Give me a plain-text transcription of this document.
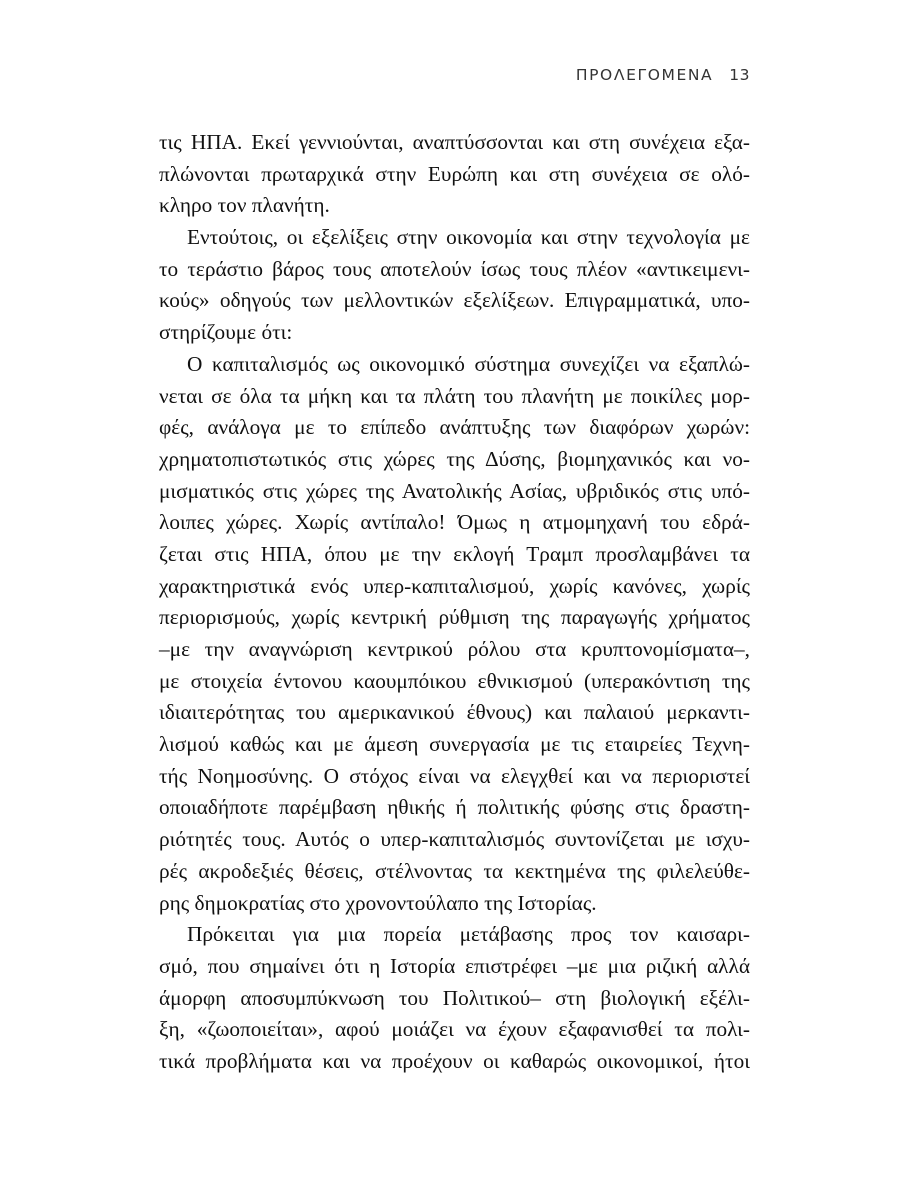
ΠΡΟΛΕΓΟΜΕΝΑ 13
τις ΗΠΑ. Εκεί γεννιούνται, αναπτύσσονται και στη συνέχεια εξα-
πλώνονται πρωταρχικά στην Ευρώπη και στη συνέχεια σε ολό-
κληρο τον πλανήτη.
Εντούτοις, οι εξελίξεις στην οικονομία και στην τεχνολογία με
το τεράστιο βάρος τους αποτελούν ίσως τους πλέον «αντικειμενι-
κούς» οδηγούς των μελλοντικών εξελίξεων. Επιγραμματικά, υπο-
στηρίζουμε ότι:
Ο καπιταλισμός ως οικονομικό σύστημα συνεχίζει να εξαπλώ-
νεται σε όλα τα μήκη και τα πλάτη του πλανήτη με ποικίλες μορ-
φές, ανάλογα με το επίπεδο ανάπτυξης των διαφόρων χωρών:
χρηματοπιστωτικός στις χώρες της Δύσης, βιομηχανικός και νο-
μισματικός στις χώρες της Ανατολικής Ασίας, υβριδικός στις υπό-
λοιπες χώρες. Χωρίς αντίπαλο! Όμως η ατμομηχανή του εδρά-
ζεται στις ΗΠΑ, όπου με την εκλογή Τραμπ προσλαμβάνει τα
χαρακτηριστικά ενός υπερ-καπιταλισμού, χωρίς κανόνες, χωρίς
περιορισμούς, χωρίς κεντρική ρύθμιση της παραγωγής χρήματος
–με την αναγνώριση κεντρικού ρόλου στα κρυπτονομίσματα–,
με στοιχεία έντονου καουμπόικου εθνικισμού (υπερακόντιση της
ιδιαιτερότητας του αμερικανικού έθνους) και παλαιού μερκαντι-
λισμού καθώς και με άμεση συνεργασία με τις εταιρείες Τεχνη-
τής Νοημοσύνης. Ο στόχος είναι να ελεγχθεί και να περιοριστεί
οποιαδήποτε παρέμβαση ηθικής ή πολιτικής φύσης στις δραστη-
ριότητές τους. Αυτός ο υπερ-καπιταλισμός συντονίζεται με ισχυ-
ρές ακροδεξιές θέσεις, στέλνοντας τα κεκτημένα της φιλελεύθε-
ρης δημοκρατίας στο χρονοντούλαπο της Ιστορίας.
Πρόκειται για μια πορεία μετάβασης προς τον καισαρι-
σμό, που σημαίνει ότι η Ιστορία επιστρέφει –με μια ριζική αλλά
άμορφη αποσυμπύκνωση του Πολιτικού– στη βιολογική εξέλι-
ξη, «ζωοποιείται», αφού μοιάζει να έχουν εξαφανισθεί τα πολι-
τικά προβλήματα και να προέχουν οι καθαρώς οικονομικοί, ήτοι
